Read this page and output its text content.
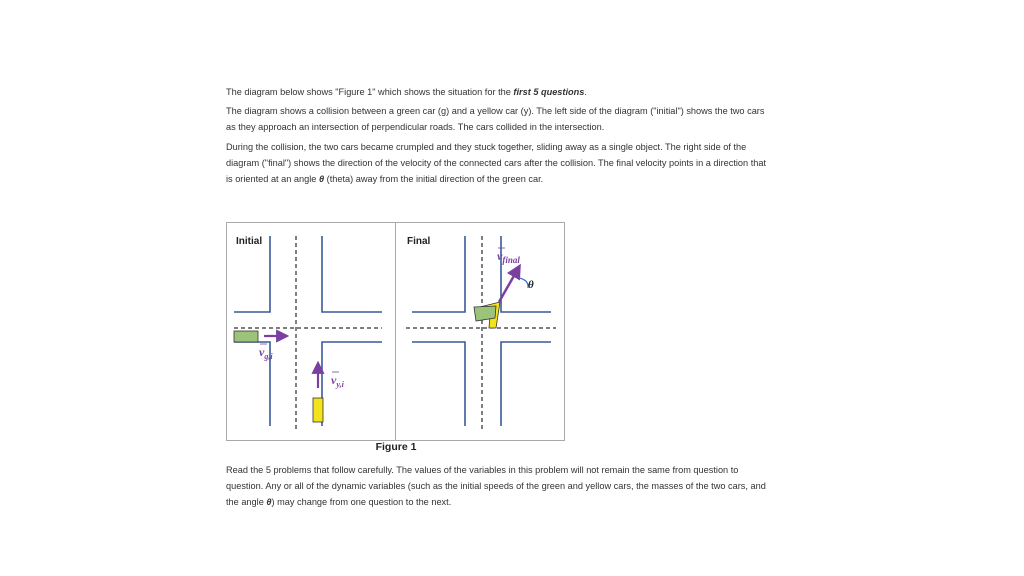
The diagram below shows "Figure 1" which shows the situation for the first 5 questions.

The diagram shows a collision between a green car (g) and a yellow car (y). The left side of the diagram ("initial") shows the two cars as they approach an intersection of perpendicular roads. The cars collided in the intersection.

During the collision, the two cars became crumpled and they stuck together, sliding away as a single object. The right side of the diagram ("final") shows the direction of the velocity of the connected cars after the collision. The final velocity points in a direction that is oriented at an angle θ (theta) away from the initial direction of the green car.

$v_{g,i}$
$v_{y,i}$
Initial
θ
$v_{final}$
Final
Figure 1

Read the 5 problems that follow carefully. The values of the variables in this problem will not remain the same from question to question. Any or all of the dynamic variables (such as the initial speeds of the green and yellow cars, the masses of the two cars, and the angle θ) may change from one question to the next.
